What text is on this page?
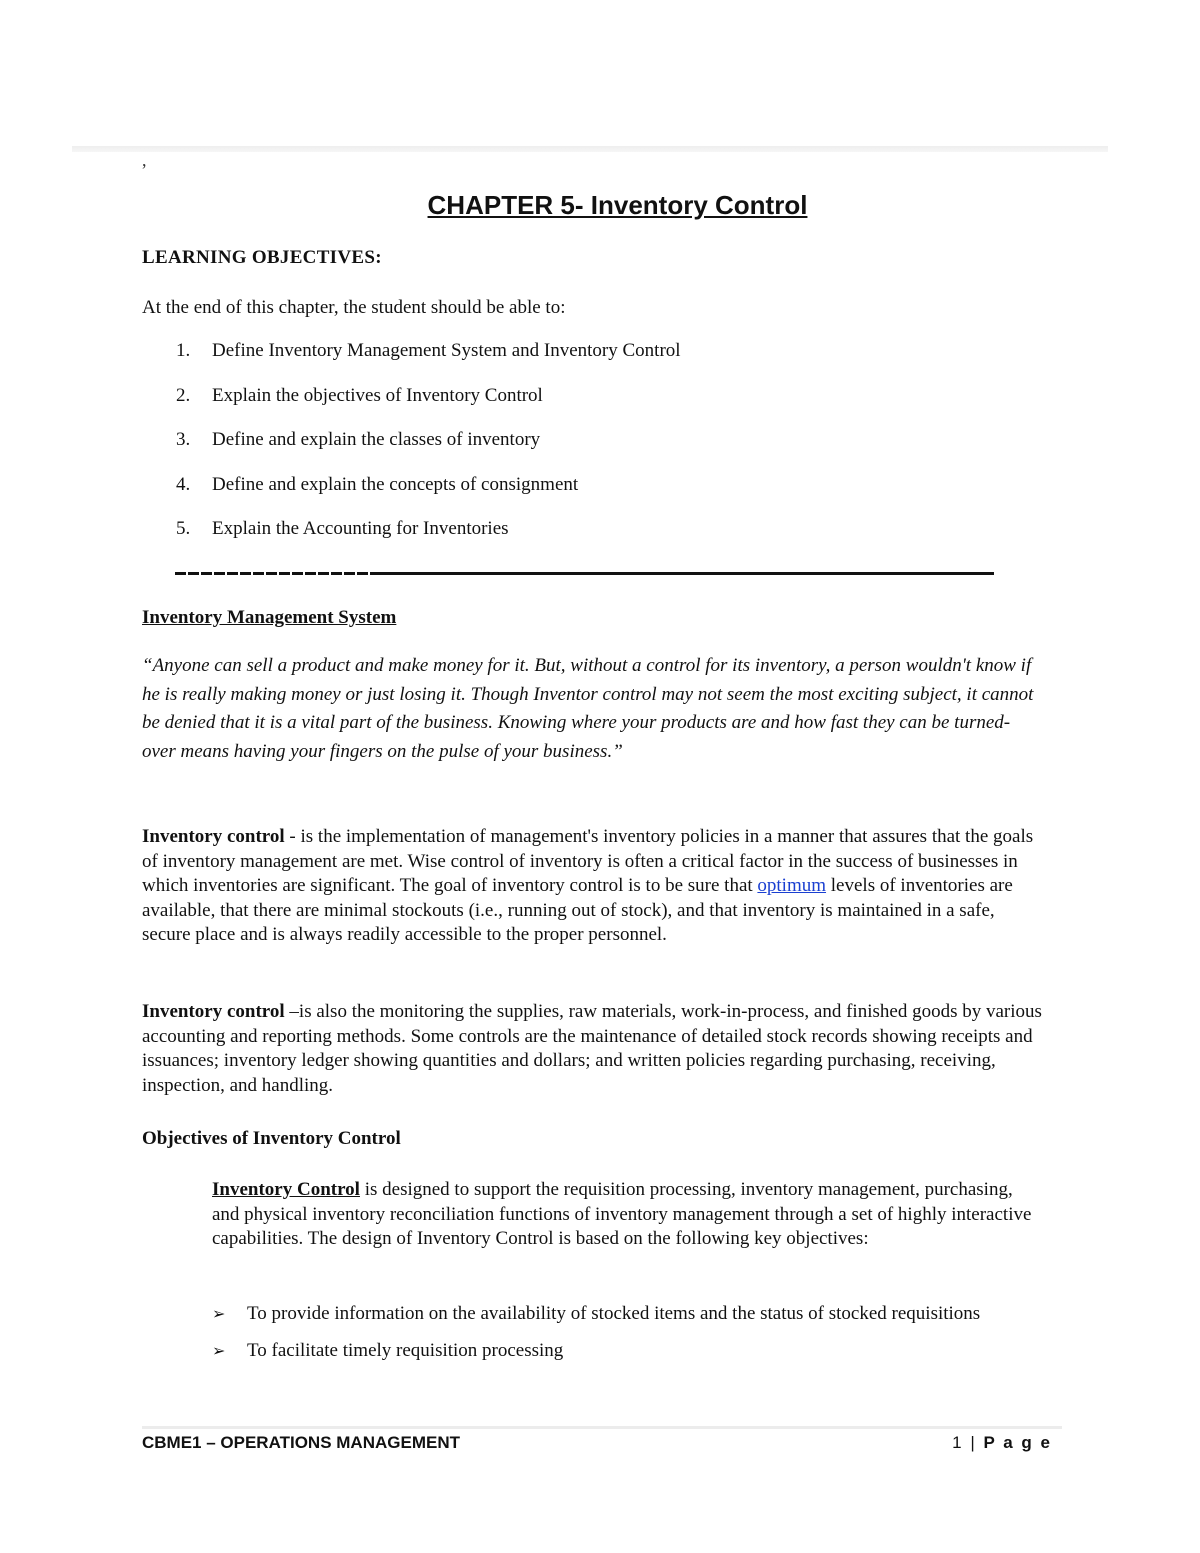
,
CHAPTER 5- Inventory Control
LEARNING OBJECTIVES:
At the end of this chapter, the student should be able to:
1. Define Inventory Management System and Inventory Control
2. Explain the objectives of Inventory Control
3. Define and explain the classes of inventory
4. Define and explain the concepts of consignment
5. Explain the Accounting for Inventories
Inventory Management System

“Anyone can sell a product and make money for it. But, without a control for its inventory, a person wouldn't know if he is really making money or just losing it. Though Inventor control may not seem the most exciting subject, it cannot be denied that it is a vital part of the business. Knowing where your products are and how fast they can be turned-over means having your fingers on the pulse of your business.”

Inventory control - is the implementation of management's inventory policies in a manner that assures that the goals of inventory management are met. Wise control of inventory is often a critical factor in the success of businesses in which inventories are significant. The goal of inventory control is to be sure that optimum levels of inventories are available, that there are minimal stockouts (i.e., running out of stock), and that inventory is maintained in a safe, secure place and is always readily accessible to the proper personnel.

Inventory control –is also the monitoring the supplies, raw materials, work-in-process, and finished goods by various accounting and reporting methods. Some controls are the maintenance of detailed stock records showing receipts and issuances; inventory ledger showing quantities and dollars; and written policies regarding purchasing, receiving, inspection, and handling.

Objectives of Inventory Control

Inventory Control is designed to support the requisition processing, inventory management, purchasing, and physical inventory reconciliation functions of inventory management through a set of highly interactive capabilities. The design of Inventory Control is based on the following key objectives:

➢ To provide information on the availability of stocked items and the status of stocked requisitions
➢ To facilitate timely requisition processing
CBME1 – OPERATIONS MANAGEMENT	1 | P a g e
